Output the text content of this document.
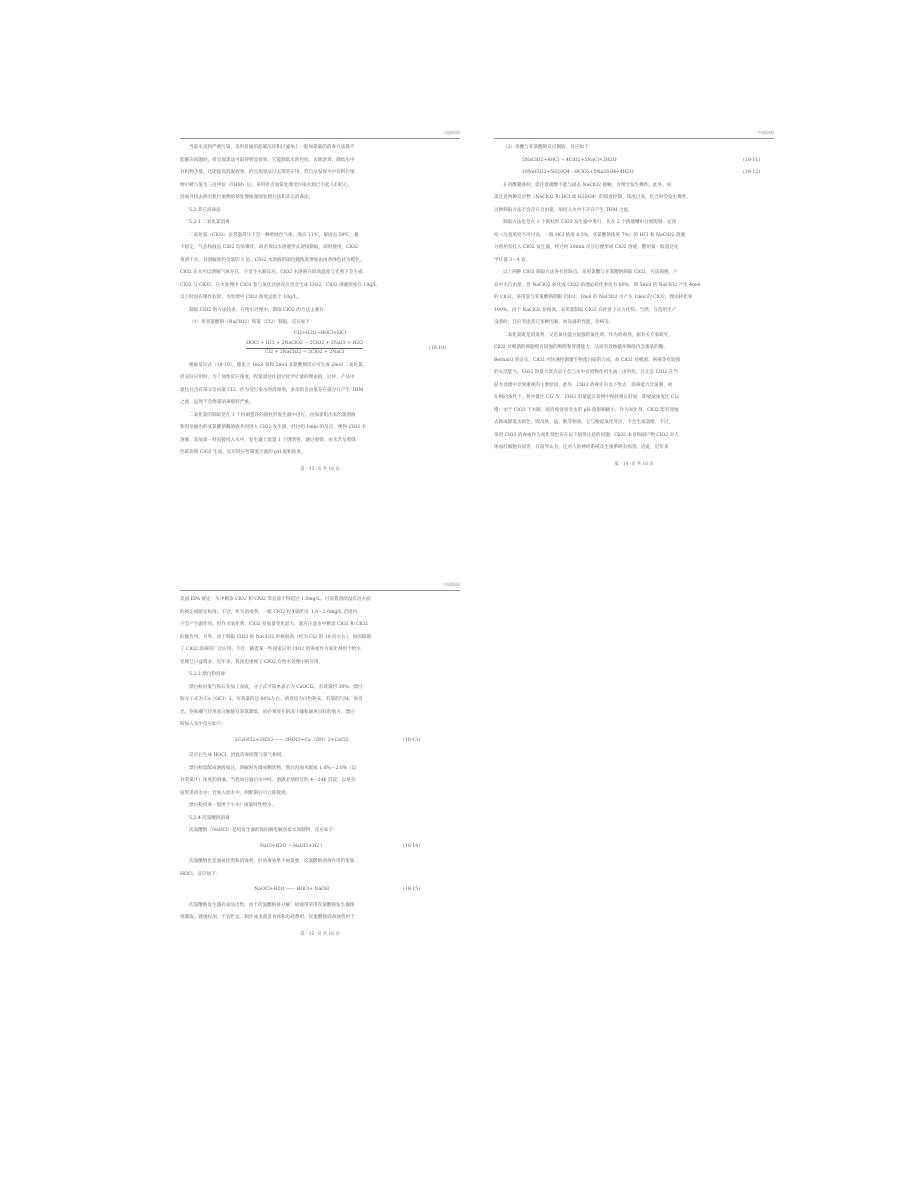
内部资料

当前水受到严重污染，采用普通的混凝沉淀和过滤加上一般加氯量的消毒方法都不

能解决问题时，折点加氯法可取得明显效果，它能降低水的色度，去除恶臭，降低水中

有机物含量，还能提高混凝效果。折点加氯法过去常常应用，但自从发现水中有机污染

物可被与氯生三卤甲烷（THM）后，采用折点加氯处理受污染水源已引起人们担心，

因而寻找去除有机污染物的预处理或深度处理方法和其它消毒法。

5.2 其它消毒法

5.2.1 二氧化氯消毒

二氧化氯（ClO2）在常温常压下是一种黄绿色气体，沸点 11℃，凝固点-59℃，极

不稳定，气态和液态 ClO2 均易爆炸，故必须以水溶液形式现场制取，即时使用。ClO2

易溶于水，其溶解度约为氯的 5 倍。ClO2 水溶液的颜色随浓度增加由由黄绿色转为橙色。

ClO2 在水中以溶解气体存在，不发生水解反应。ClO2 水溶液在较高温度与光照下会生成

ClO2 与 ClO3，在水处理中 ClO2 参与氧化还原反应也会生成 ClO2。ClO2 溶液浓度在 10g/L

以下时没有爆炸危险，水处理中 ClO2 浓度远低于 10g/L。

制取 ClO2 的方法较多，在给水处理中，制取 ClO2 的方法主要有：

（1）用亚氯酸钠（NaClO2）和氯（Cl2）制取，反应如下：

Cl2+H2O→HOCl+HCl
$\frac{\text{HOCl + HCl + 2NaClO2 → 2ClO2 + 2NaCl + H2O}}{\text{Cl2 + 2NaClO2 → 2ClO2 + 2NaCl}}$	(18-10)

根据反应式（18-10），理论上 1mol 氯和 2mol 亚氯酸钠反应可生成 2mol 二氧化氯。

但实际应用时，为了加快反应速度，投氯量往往超过化学计量的理论值，这样，产品中

就往往含有部分自由氯 Cl2。作为受污染水的消毒剂，多余的自由氯存在就存在产生 THM

之虑，虽然不会像氯消毒那样严重。

二氧化氯的制取是在 1 个内填瓷环的圆柱形发生器中进行。由加氯机出来的氯溶液

和用泵抽出的亚氯酸钠稀溶液共同进入 ClO2 发生器，经过约 1min 的反应，便得 ClO2 水

溶液，雷加氯一样直接投入水中。发生器上设置 1 个透明管，通过观察，由水若呈黄绿

色即表明 ClO2 生成。反应时应控制混合液的 pH 值和浓度。

第 - 13 -页 共 16 页
内部资料

（2）用酸与亚氯酸钠反应制取，反应如下：

5NaClO2+4HCl → 4ClO2+5NaCl+2H2O	(18-11)
10NaClO2+5H2SO4 →8ClO2+5Na2SO4+4H2O	(18-12)

在用酸制备时，需注意硫酸不能与固态 NaClO2 接触，否则会发生爆炸。此外，尚

需注意两种反应物（NaClO2 和 HCl 或 H2SO4）的浓度控制，浓度过高，化合时会发生爆炸，

这种制取方法不会存在自由氯，故投入水中不存在产生 THM 之虑。

制取方法也是在 1 个圆柱形 ClO2 发生器中进行。先在 2 个溶液槽中分别配制一定浓

度（注意浓度不可过高，一般 HCl 浓度 8.5%，亚氯酸钠浓度 7%）的 HCl 和 NaClO2 溶液，

分别用泵打入 ClO2 发生器，经过约 20min 反应后便形成 ClO2 溶液。酸用量一般超过化

学计量 3～4 倍。

以上两种 ClO2 制取方法各有优缺点。采用氯酸与亚氯酸钠制取 ClO2，方法简便，产

品中无自由氯，但 NaClO2 转化成 ClO2 的理论转化率仅为 80%，即 5mol 的 NaClO2 产生 4mol

的 ClO2。采用氯与亚氯酸钠制取 ClO2，1mol 的 NaClO2 可产生 1mol 的 ClO2，理论转化率

100%。由于 NaClO2 价格高，采用氯制取 ClO2 在经济上应占优势。当然，在选用生产

设备时，还应考虑其它各种因素，如设备的性能，价格等。

二氧化氯既是消毒剂，又是氧化能力很强的氧化剂。作为消毒剂，据有关专家研究，

ClO2 对细菌的细胞壁有较强的吸附和穿透能力，从而有效地破坏细菌内含巯基的酶。

Bernard 曾证实，ClO2 可快速控制微生物蛋白质的合成，故 ClO2 对细菌、病毒等有较强

的灭活能力。ClO2 的最大优点是不会与水中有机物作用生成三卤甲烷。这正是 ClO2 在当

前水处理中受到重视的主要原因。此外，ClO2 消毒还有以下优点：消毒能力比氯强，故

在相同条件下，投中量比 Cl2 少；ClO2 余量能在管网中保持很长时间，即衰减速度比 Cl2

慢；由于 ClO2 不水解，故消毒效果受水的 pH 值影响极小。作为氧化剂，ClO2 能有效地

去除或降低水的色、嗅及铁、锰、酚等物质。它与酚起氧化反应，不会生成氯酚。不过，

采用 ClO2 消毒或作为氧化剂也存在以下值得注意的问题：ClO2 本身和副产物 ClO2 对人

体血红细胞有损害，有报导认为，还对人的神经系统及生殖系统有损害。因此，近年来

第 - 14 -页 共 16 页
内部资料

美国 EPA 规定：水中剩余 ClO2 和 ClO2 等总量不得超过 1.0mg/L。目前我国尚没有这方面

的规定或限定标准。不过，作为消毒剂，一般 ClO2 投加量约在 1.0～2.0mg/L 范围内，

不会产生副作用。但作为氧化剂，ClO2 投加量变化较大，就应注意水中剩余 ClO2 和 ClO2

的副作用。另外，由于制取 ClO2 的 NaClO2 价格很高（约为 Cl2 的 10 倍左右），因而限制

了 ClO2 消毒的广泛应用。不过，随着某一些国家应用 ClO2 消毒或作为氧化剂用于给水

处理已日益增多，近年来，我国也重视了 ClO2 在给水处理中的应用。

5.2.3 漂白粉消毒

漂白粉由氯气和石灰加工而成，分子式可简单表示为 CaOCl2，有效氯约 30%。漂白

粉分子式为 Ca（OCl）2，有效氯约达 60%左右。两者均为白色粉末，有氯的气味，易受

光、热和潮气作用而分解使有效氯降低，故必须放在阴凉干燥和通风良好的地方。漂白

粉加入水中反应如下：

2CaOCl2+2H2O —— 2HOCl+Ca（OH）2+CaCl2	(18-13)

反应后生成 HOCl，因此消毒原理与氯气相同。

漂白粉需配成溶液加注，溶解时先调成糊状物，然后再加水配成 1.0%～2.0%（以

有效氯计）浓度的溶液。当投加在滤后水中时，溶液必须经过约 4～24h 沉淀，以免杂

质带进清水中；若加入原水中，则配制后可立即使用。

漂白粉消毒一般用于小水厂或临时性给水。

5.2.4 次氯酸钠消毒

次氯酸钠（NaOCl）是用发生器的钛阳极电解食盐水而制得，反应如下：

NaCl+H2O → NaOCl+H2↑	(18-14)

次氯酸钠也是强氧化剂和消毒剂，但消毒效果不如氯强。次氯酸钠消毒作用仍依靠

HOCl，反应如下：

NaOCl+H2O —— HOCl+ NaOH	(18-15)

次氯酸钠发生器有成品出售。由于次氯酸钠易分解，故通常采用次氯酸钠发生器现

场制取，就地投加，不宜贮运。制作成本就是食盐和电耗费用。次氯酸钠消毒通常用于

第 - 15 -页 共 16 页
